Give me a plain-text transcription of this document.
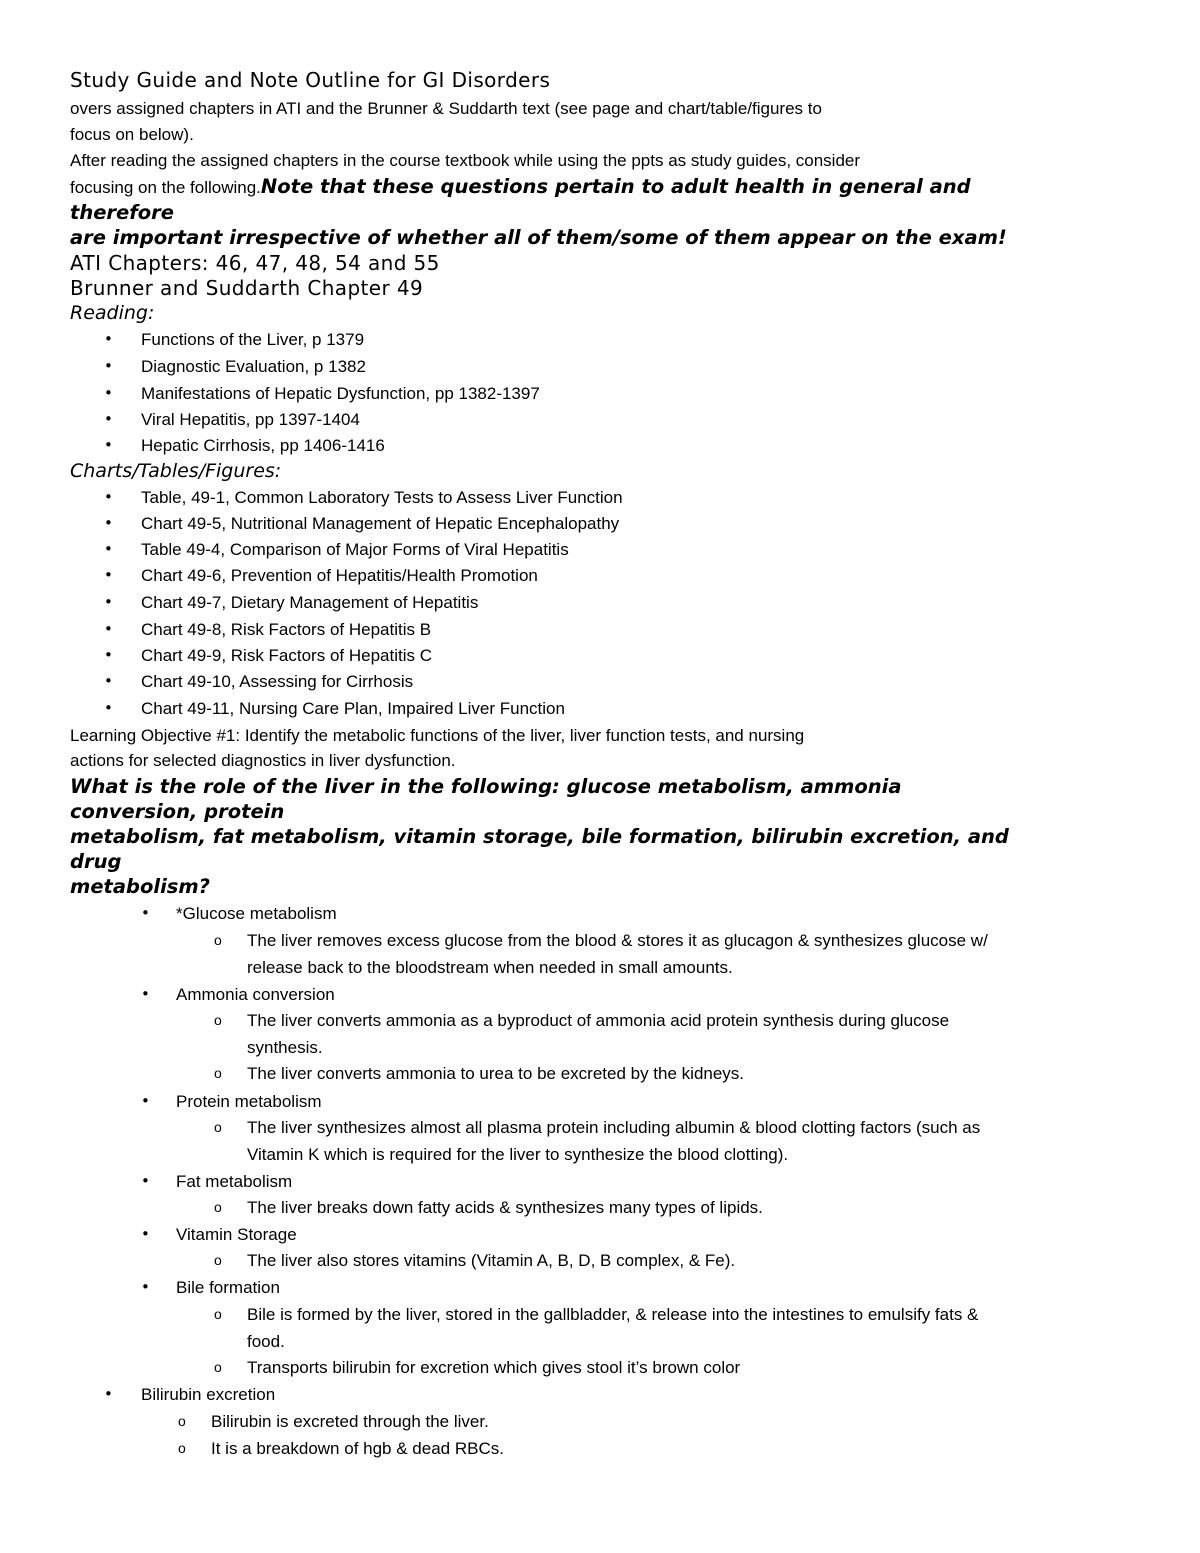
Study Guide and Note Outline for GI Disorders
overs assigned chapters in ATI and the Brunner & Suddarth text (see page and chart/table/figures to
focus on below).
After reading the assigned chapters in the course textbook while using the ppts as study guides, consider
focusing on the following.Note that these questions pertain to adult health in general and
therefore
are important irrespective of whether all of them/some of them appear on the exam!
ATI Chapters: 46, 47, 48, 54 and 55
Brunner and Suddarth Chapter 49
Reading:
• Functions of the Liver, p 1379
• Diagnostic Evaluation, p 1382
• Manifestations of Hepatic Dysfunction, pp 1382-1397
• Viral Hepatitis, pp 1397-1404
• Hepatic Cirrhosis, pp 1406-1416
Charts/Tables/Figures:
• Table, 49-1, Common Laboratory Tests to Assess Liver Function
• Chart 49-5, Nutritional Management of Hepatic Encephalopathy
• Table 49-4, Comparison of Major Forms of Viral Hepatitis
• Chart 49-6, Prevention of Hepatitis/Health Promotion
• Chart 49-7, Dietary Management of Hepatitis
• Chart 49-8, Risk Factors of Hepatitis B
• Chart 49-9, Risk Factors of Hepatitis C
• Chart 49-10, Assessing for Cirrhosis
• Chart 49-11, Nursing Care Plan, Impaired Liver Function
Learning Objective #1: Identify the metabolic functions of the liver, liver function tests, and nursing
actions for selected diagnostics in liver dysfunction.
What is the role of the liver in the following: glucose metabolism, ammonia
conversion, protein
metabolism, fat metabolism, vitamin storage, bile formation, bilirubin excretion, and
drug
metabolism?
• *Glucose metabolism
o The liver removes excess glucose from the blood & stores it as glucagon & synthesizes glucose w/
release back to the bloodstream when needed in small amounts.
• Ammonia conversion
o The liver converts ammonia as a byproduct of ammonia acid protein synthesis during glucose
synthesis.
o The liver converts ammonia to urea to be excreted by the kidneys.
• Protein metabolism
o The liver synthesizes almost all plasma protein including albumin & blood clotting factors (such as
Vitamin K which is required for the liver to synthesize the blood clotting).
• Fat metabolism
o The liver breaks down fatty acids & synthesizes many types of lipids.
• Vitamin Storage
o The liver also stores vitamins (Vitamin A, B, D, B complex, & Fe).
• Bile formation
o Bile is formed by the liver, stored in the gallbladder, & release into the intestines to emulsify fats &
food.
o Transports bilirubin for excretion which gives stool it’s brown color
• Bilirubin excretion
o Bilirubin is excreted through the liver.
o It is a breakdown of hgb & dead RBCs.
